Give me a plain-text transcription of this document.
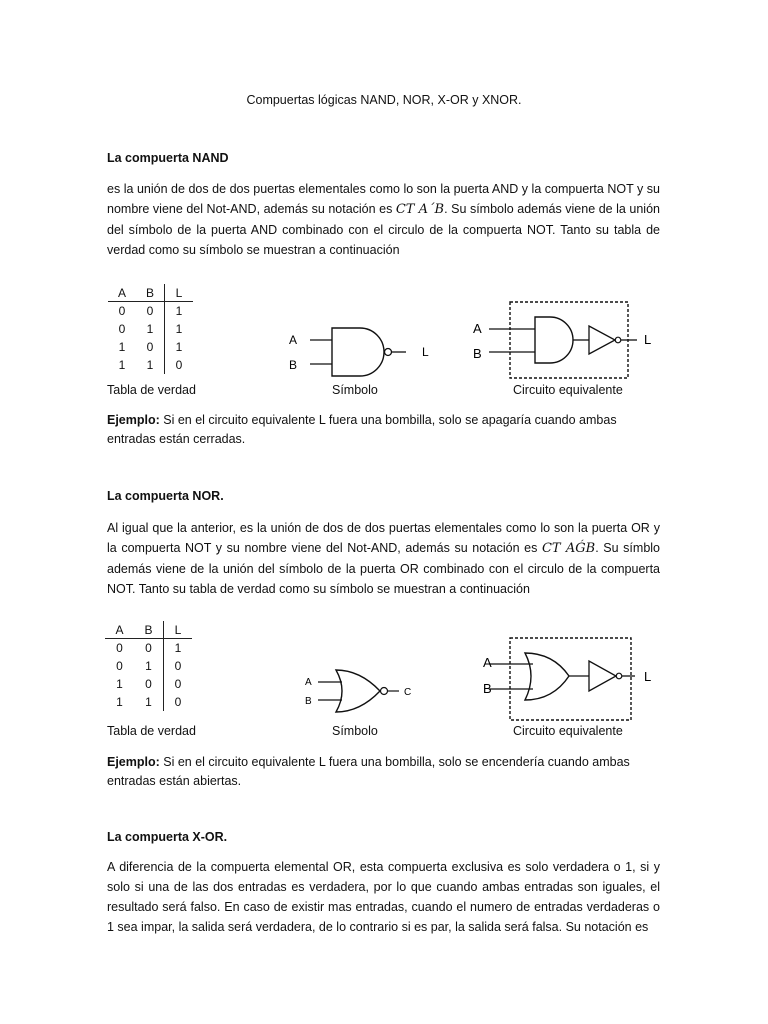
Compuertas lógicas NAND, NOR, X-OR y XNOR.
La compuerta NAND
es la unión de dos de dos puertas elementales como lo son la puerta AND y la compuerta NOT y su nombre viene del Not-AND, además su notación es CT A´B. Su símbolo además viene de la unión del símbolo de la puerta AND combinado con el circulo de la compuerta NOT. Tanto su tabla de verdad como su símbolo se muestran a continuación
A	B	L
0	0	1
0	1	1
1	0	1
1	1	0
A
B
L
A
B
L
Tabla de verdad	Símbolo	Circuito equivalente
Ejemplo: Si en el circuito equivalente L fuera una bombilla, solo se apagaría cuando ambas entradas están cerradas.
La compuerta NOR.
Al igual que la anterior, es la unión de dos de dos puertas elementales como lo son la puerta OR y la compuerta NOT y su nombre viene del Not-AND, además su notación es CT AǴB. Su símblo además viene de la unión del símbolo de la puerta OR combinado con el circulo de la compuerta NOT. Tanto su tabla de verdad como su símbolo se muestran a continuación
A	B	L
0	0	1
0	1	0
1	0	0
1	1	0
A
B
C
A
B
L
Tabla de verdad	Símbolo	Circuito equivalente
Ejemplo: Si en el circuito equivalente L fuera una bombilla, solo se encendería cuando ambas entradas están abiertas.
La compuerta X-OR.
A diferencia de la compuerta elemental OR, esta compuerta exclusiva es solo verdadera o 1, si y solo si una de las dos entradas es verdadera, por lo que cuando ambas entradas son iguales, el resultado será falso. En caso de existir mas entradas, cuando el numero de entradas verdaderas o 1 sea impar, la salida será verdadera, de lo contrario si es par, la salida será falsa. Su notación es
